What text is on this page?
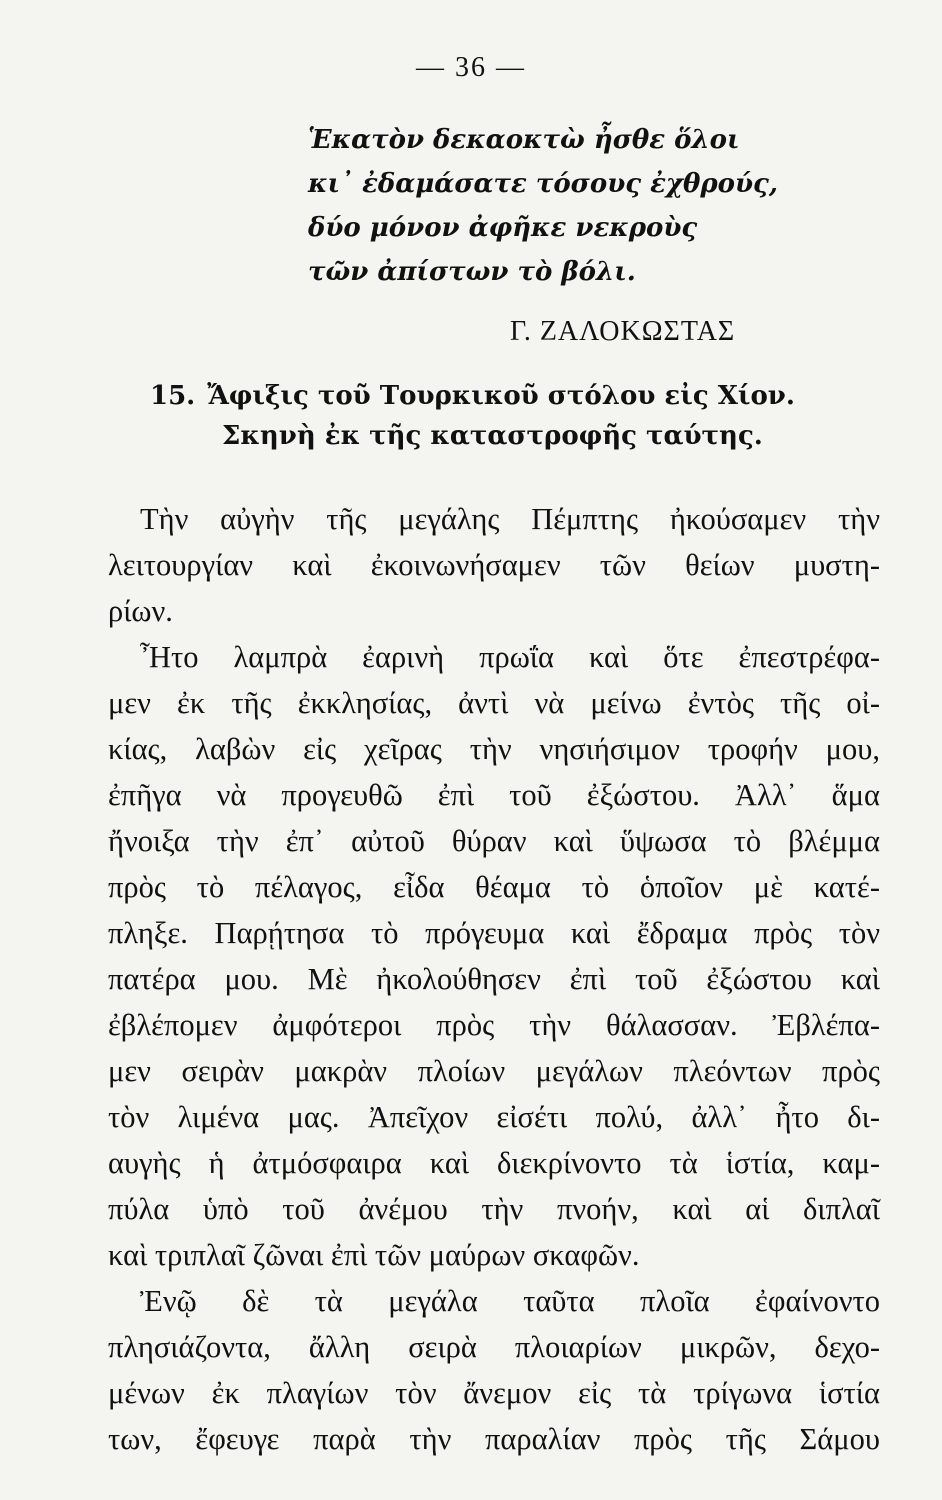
— 36 —
Ἑκατὸν δεκαοκτὼ ἦσθε ὅλοι
κι᾿ ἐδαμάσατε τόσους ἐχθρούς,
δύο μόνον ἀφῆκε νεκροὺς
τῶν ἀπίστων τὸ βόλι.
Γ. ΖΑΛΟΚΩΣΤΑΣ
15. Ἄφιξις τοῦ Τουρκικοῦ στόλου εἰς Χίον.
Σκηνὴ ἐκ τῆς καταστροφῆς ταύτης.
Τὴν αὐγὴν τῆς μεγάλης Πέμπτης ἠκούσαμεν τὴν
λειτουργίαν καὶ ἐκοινωνήσαμεν τῶν θείων μυστη-
ρίων.
Ἦτο λαμπρὰ ἐαρινὴ πρωΐα καὶ ὅτε ἐπεστρέφα-
μεν ἐκ τῆς ἐκκλησίας, ἀντὶ νὰ μείνω ἐντὸς τῆς οἰ-
κίας, λαβὼν εἰς χεῖρας τὴν νησιήσιμον τροφήν μου,
ἐπῆγα νὰ προγευθῶ ἐπὶ τοῦ ἐξώστου. Ἀλλ᾿ ἅμα
ἤνοιξα τὴν ἐπ᾿ αὐτοῦ θύραν καὶ ὕψωσα τὸ βλέμμα
πρὸς τὸ πέλαγος, εἶδα θέαμα τὸ ὁποῖον μὲ κατέ-
πληξε. Παρῄτησα τὸ πρόγευμα καὶ ἔδραμα πρὸς τὸν
πατέρα μου. Μὲ ἠκολούθησεν ἐπὶ τοῦ ἐξώστου καὶ
ἐβλέπομεν ἀμφότεροι πρὸς τὴν θάλασσαν. Ἐβλέπα-
μεν σειρὰν μακρὰν πλοίων μεγάλων πλεόντων πρὸς
τὸν λιμένα μας. Ἀπεῖχον εἰσέτι πολύ, ἀλλ᾿ ἦτο δι-
αυγὴς ἡ ἀτμόσφαιρα καὶ διεκρίνοντο τὰ ἱστία, καμ-
πύλα ὑπὸ τοῦ ἀνέμου τὴν πνοήν, καὶ αἱ διπλαῖ
καὶ τριπλαῖ ζῶναι ἐπὶ τῶν μαύρων σκαφῶν.
Ἐνῷ δὲ τὰ μεγάλα ταῦτα πλοῖα ἐφαίνοντο
πλησιάζοντα, ἄλλη σειρὰ πλοιαρίων μικρῶν, δεχο-
μένων ἐκ πλαγίων τὸν ἄνεμον εἰς τὰ τρίγωνα ἱστία
των, ἔφευγε παρὰ τὴν παραλίαν πρὸς τῆς Σάμου
